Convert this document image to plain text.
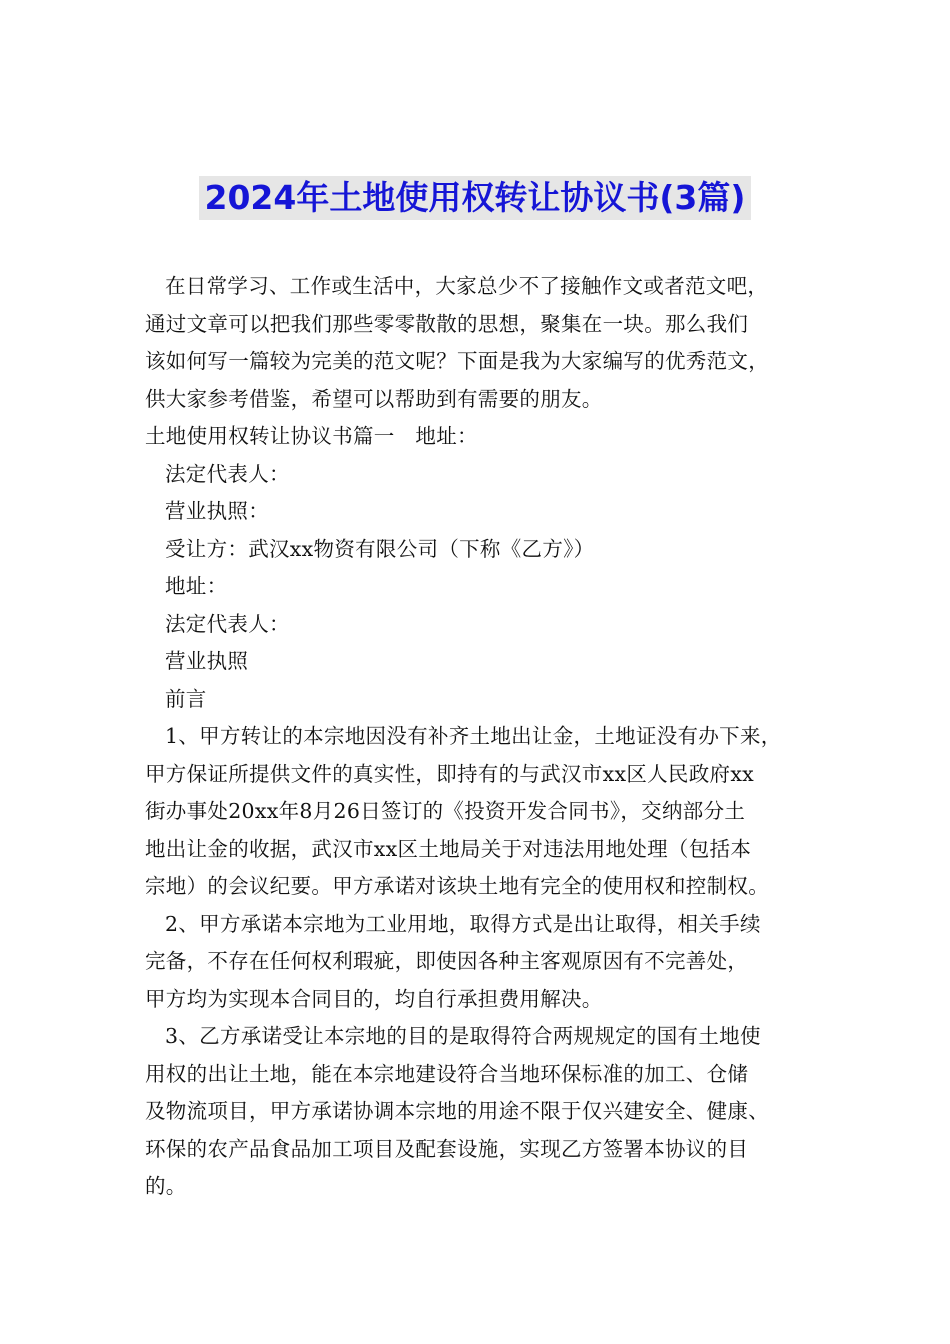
2024年土地使用权转让协议书(3篇)
在日常学习、工作或生活中，大家总少不了接触作文或者范文吧，
通过文章可以把我们那些零零散散的思想，聚集在一块。那么我们
该如何写一篇较为完美的范文呢？下面是我为大家编写的优秀范文，
供大家参考借鉴，希望可以帮助到有需要的朋友。
土地使用权转让协议书篇一　地址：
法定代表人：
营业执照：
受让方：武汉xx物资有限公司（下称《乙方》）
地址：
法定代表人：
营业执照
前言
1、甲方转让的本宗地因没有补齐土地出让金，土地证没有办下来，
甲方保证所提供文件的真实性，即持有的与武汉市xx区人民政府xx
街办事处20xx年8月26日签订的《投资开发合同书》，交纳部分土
地出让金的收据，武汉市xx区土地局关于对违法用地处理（包括本
宗地）的会议纪要。甲方承诺对该块土地有完全的使用权和控制权。
2、甲方承诺本宗地为工业用地，取得方式是出让取得，相关手续
完备，不存在任何权利瑕疵，即使因各种主客观原因有不完善处，
甲方均为实现本合同目的，均自行承担费用解决。
3、乙方承诺受让本宗地的目的是取得符合两规规定的国有土地使
用权的出让土地，能在本宗地建设符合当地环保标准的加工、仓储
及物流项目，甲方承诺协调本宗地的用途不限于仅兴建安全、健康、
环保的农产品食品加工项目及配套设施，实现乙方签署本协议的目
的。
